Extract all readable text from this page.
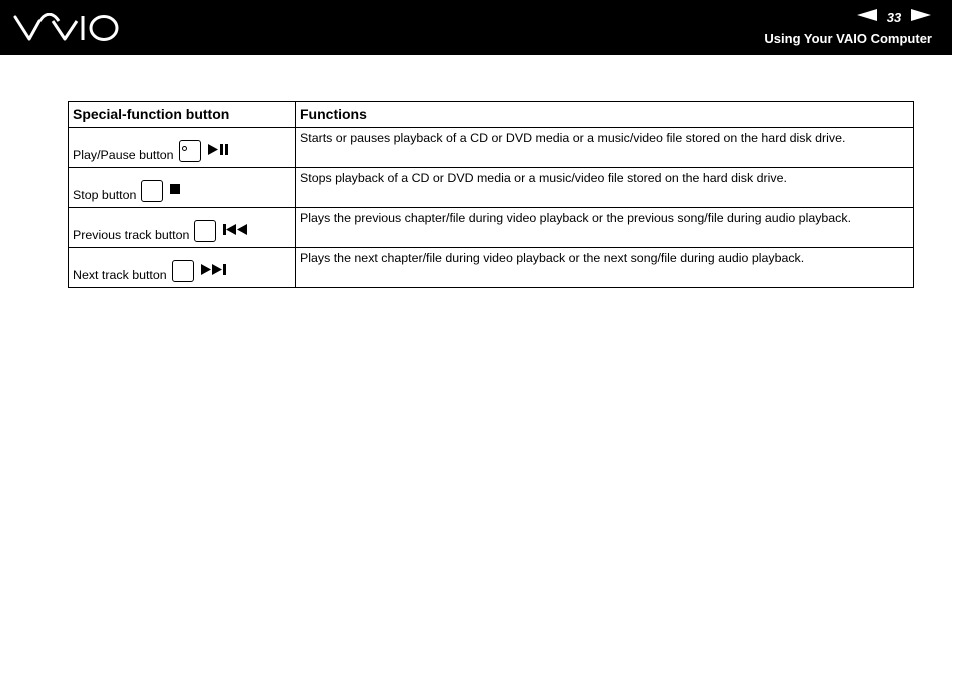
33
Using Your VAIO Computer
Special-function button	Functions

Play/Pause button	Starts or pauses playback of a CD or DVD media or a music/video file stored on the hard disk drive.

Stop button	Stops playback of a CD or DVD media or a music/video file stored on the hard disk drive.

Previous track button	Plays the previous chapter/file during video playback or the previous song/file during audio playback.

Next track button	Plays the next chapter/file during video playback or the next song/file during audio playback.
